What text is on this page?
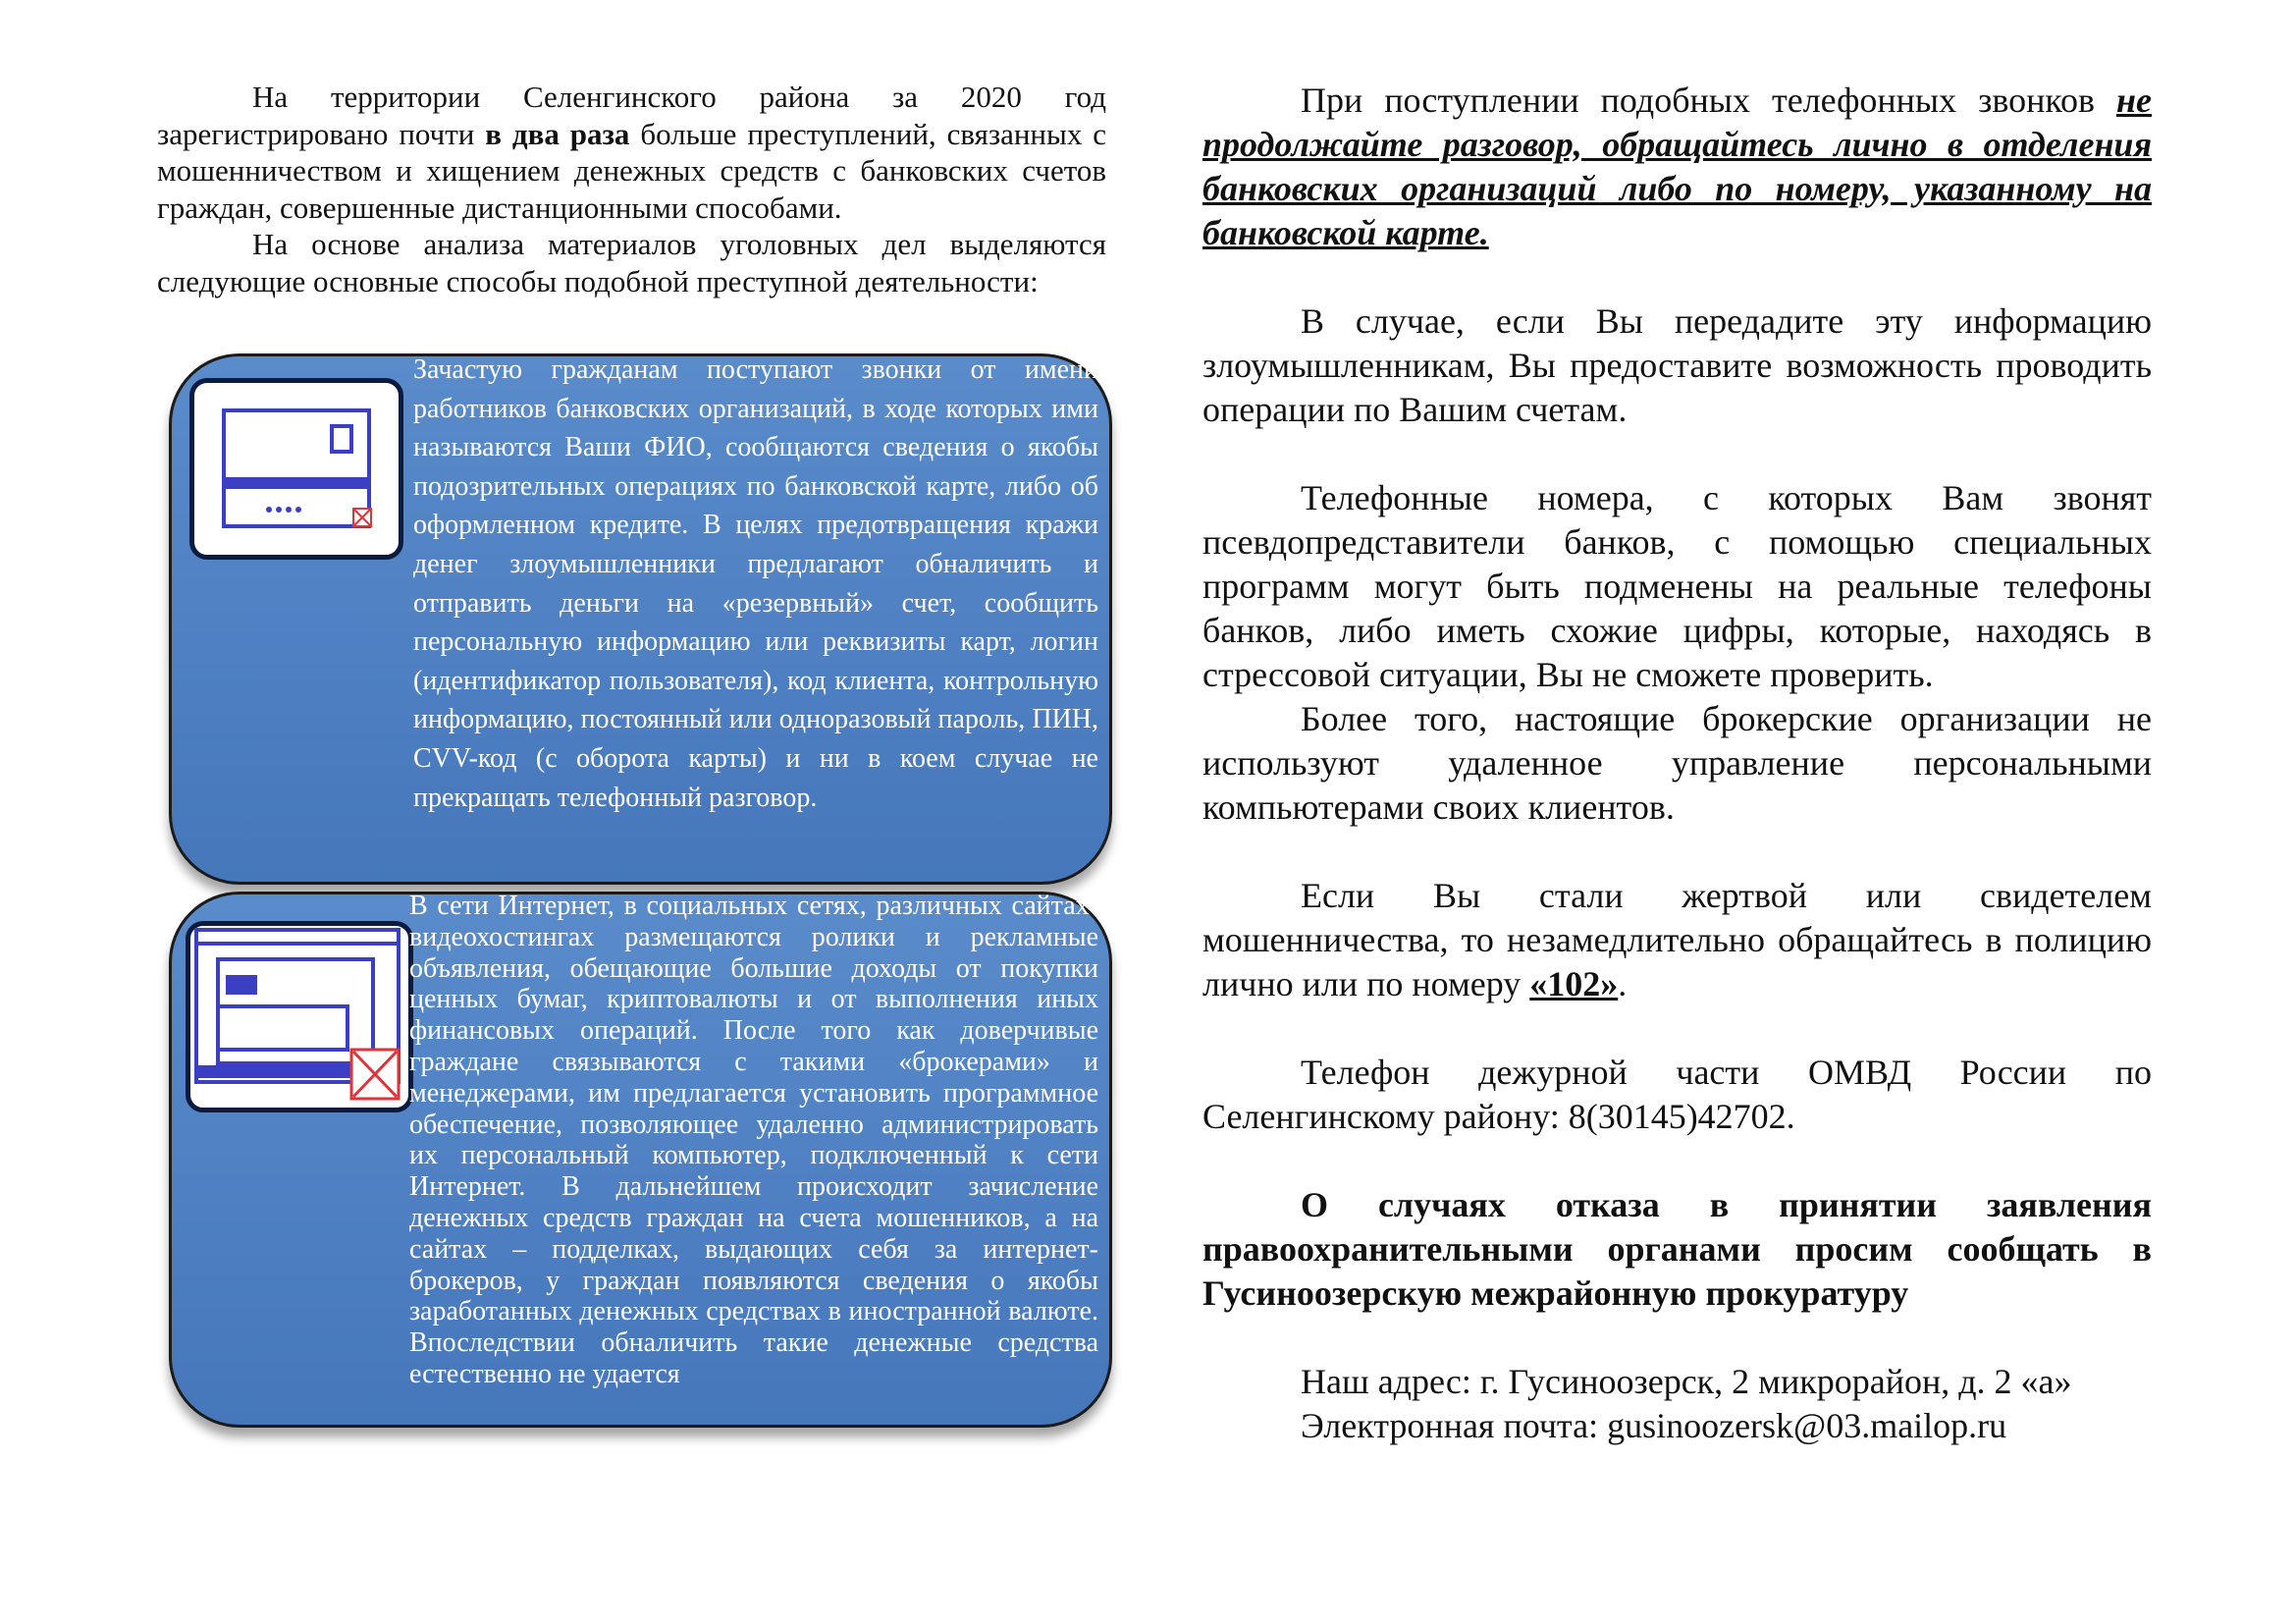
На территории Селенгинского района за 2020 год зарегистрировано почти в два раза больше преступлений, связанных с мошенничеством и хищением денежных средств с банковских счетов граждан, совершенные дистанционными способами.

На основе анализа материалов уголовных дел выделяются следующие основные способы подобной преступной деятельности:

Зачастую гражданам поступают звонки от имени работников банковских организаций, в ходе которых ими называются Ваши ФИО, сообщаются сведения о якобы подозрительных операциях по банковской карте, либо об оформленном кредите. В целях предотвращения кражи денег злоумышленники предлагают обналичить и отправить деньги на «резервный» счет, сообщить персональную информацию или реквизиты карт, логин (идентификатор пользователя), код клиента, контрольную информацию, постоянный или одноразовый пароль, ПИН, CVV-код (с оборота карты) и ни в коем случае не прекращать телефонный разговор.
В сети Интернет, в социальных сетях, различных сайтах-видеохостингах размещаются ролики и рекламные объявления, обещающие большие доходы от покупки ценных бумаг, криптовалюты и от выполнения иных финансовых операций. После того как доверчивые граждане связываются с такими «брокерами» и менеджерами, им предлагается установить программное обеспечение, позволяющее удаленно администрировать их персональный компьютер, подключенный к сети Интернет. В дальнейшем происходит зачисление денежных средств граждан на счета мошенников, а на сайтах – подделках, выдающих себя за интернет-брокеров, у граждан появляются сведения о якобы заработанных денежных средствах в иностранной валюте. Впоследствии обналичить такие денежные средства естественно не удается

При поступлении подобных телефонных звонков не продолжайте разговор, обращайтесь лично в отделения банковских организаций либо по номеру, указанному на банковской карте.

В случае, если Вы передадите эту информацию злоумышленникам, Вы предоставите возможность проводить операции по Вашим счетам.

Телефонные номера, с которых Вам звонят псевдопредставители банков, с помощью специальных программ могут быть подменены на реальные телефоны банков, либо иметь схожие цифры, которые, находясь в стрессовой ситуации, Вы не сможете проверить.

Более того, настоящие брокерские организации не используют удаленное управление персональными компьютерами своих клиентов.

Если Вы стали жертвой или свидетелем мошенничества, то незамедлительно обращайтесь в полицию лично или по номеру «102».

Телефон дежурной части ОМВД России по Селенгинскому району: 8(30145)42702.

О случаях отказа в принятии заявления правоохранительными органами просим сообщать в Гусиноозерскую межрайонную прокуратуру

Наш адрес: г. Гусиноозерск, 2 микрорайон, д. 2 «а»

Электронная почта: gusinoozersk@03.mailop.ru
